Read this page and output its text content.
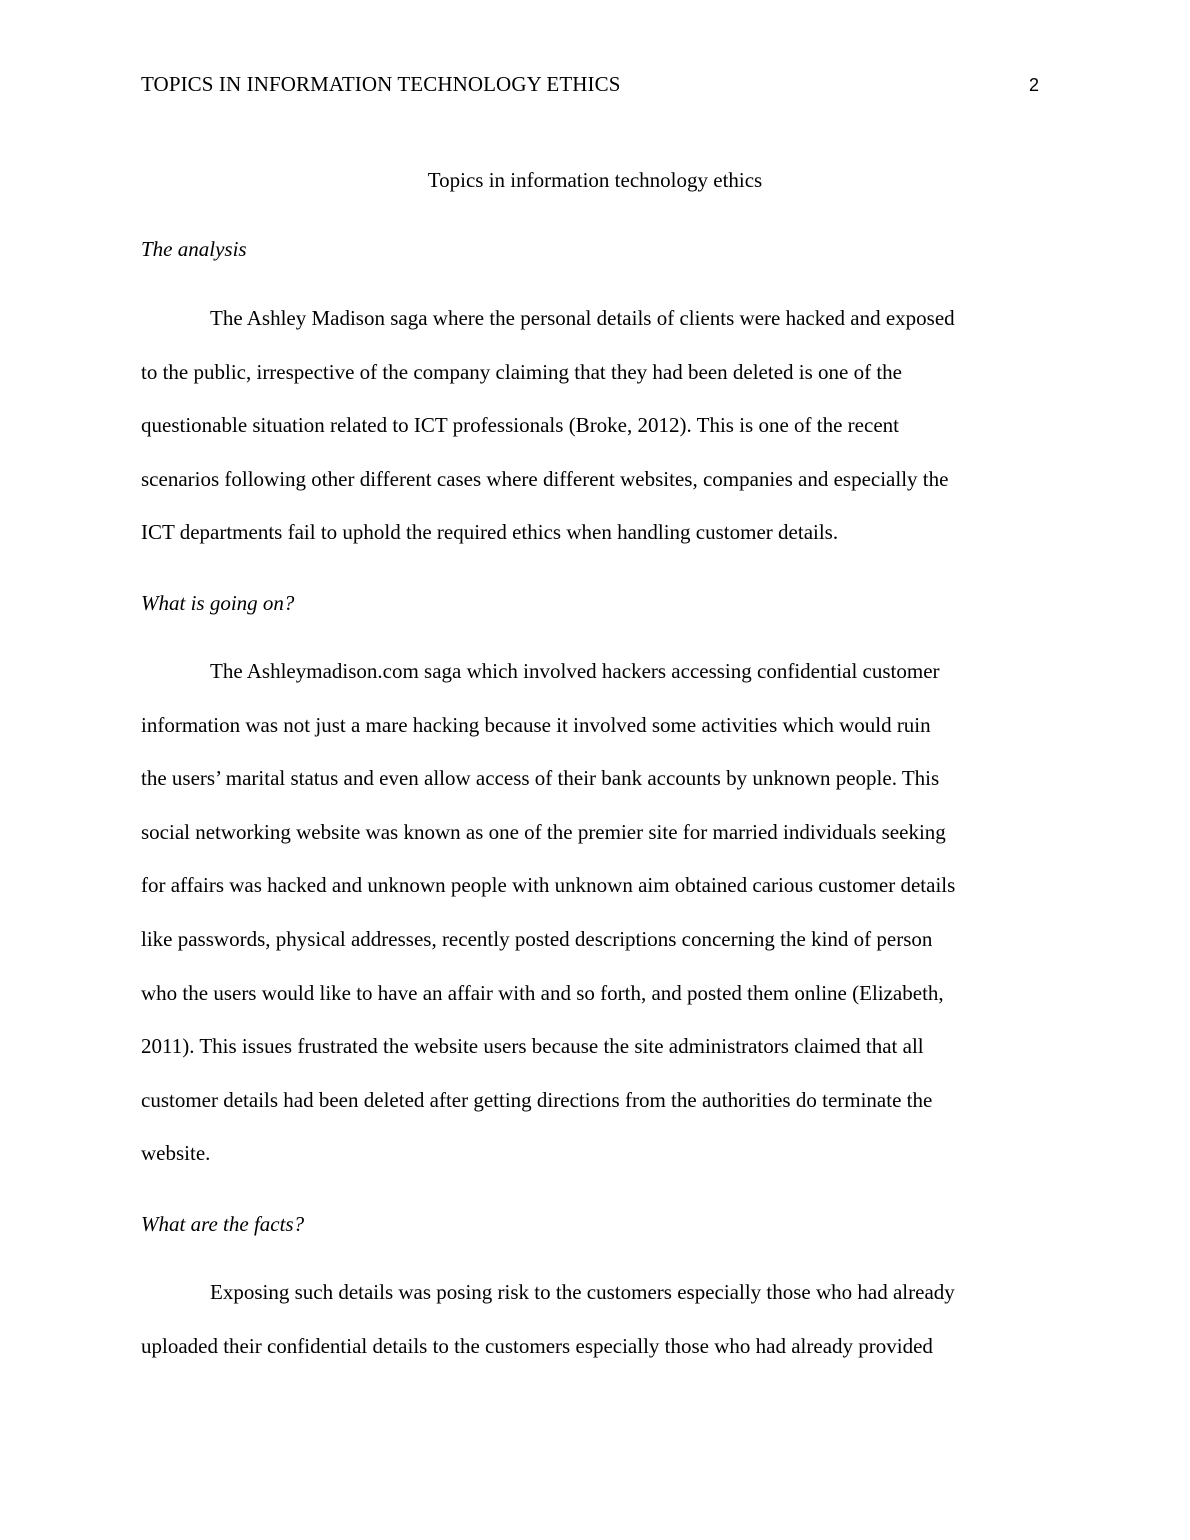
TOPICS IN INFORMATION TECHNOLOGY ETHICS	2
Topics in information technology ethics
The analysis

The Ashley Madison saga where the personal details of clients were hacked and exposed
to the public, irrespective of the company claiming that they had been deleted is one of the
questionable situation related to ICT professionals (Broke, 2012). This is one of the recent
scenarios following other different cases where different websites, companies and especially the
ICT departments fail to uphold the required ethics when handling customer details.

What is going on?

The Ashleymadison.com saga which involved hackers accessing confidential customer
information was not just a mare hacking because it involved some activities which would ruin
the users’ marital status and even allow access of their bank accounts by unknown people. This
social networking website was known as one of the premier site for married individuals seeking
for affairs was hacked and unknown people with unknown aim obtained carious customer details
like passwords, physical addresses, recently posted descriptions concerning the kind of person
who the users would like to have an affair with and so forth, and posted them online (Elizabeth,
2011). This issues frustrated the website users because the site administrators claimed that all
customer details had been deleted after getting directions from the authorities do terminate the
website.

What are the facts?

Exposing such details was posing risk to the customers especially those who had already
uploaded their confidential details to the customers especially those who had already provided
